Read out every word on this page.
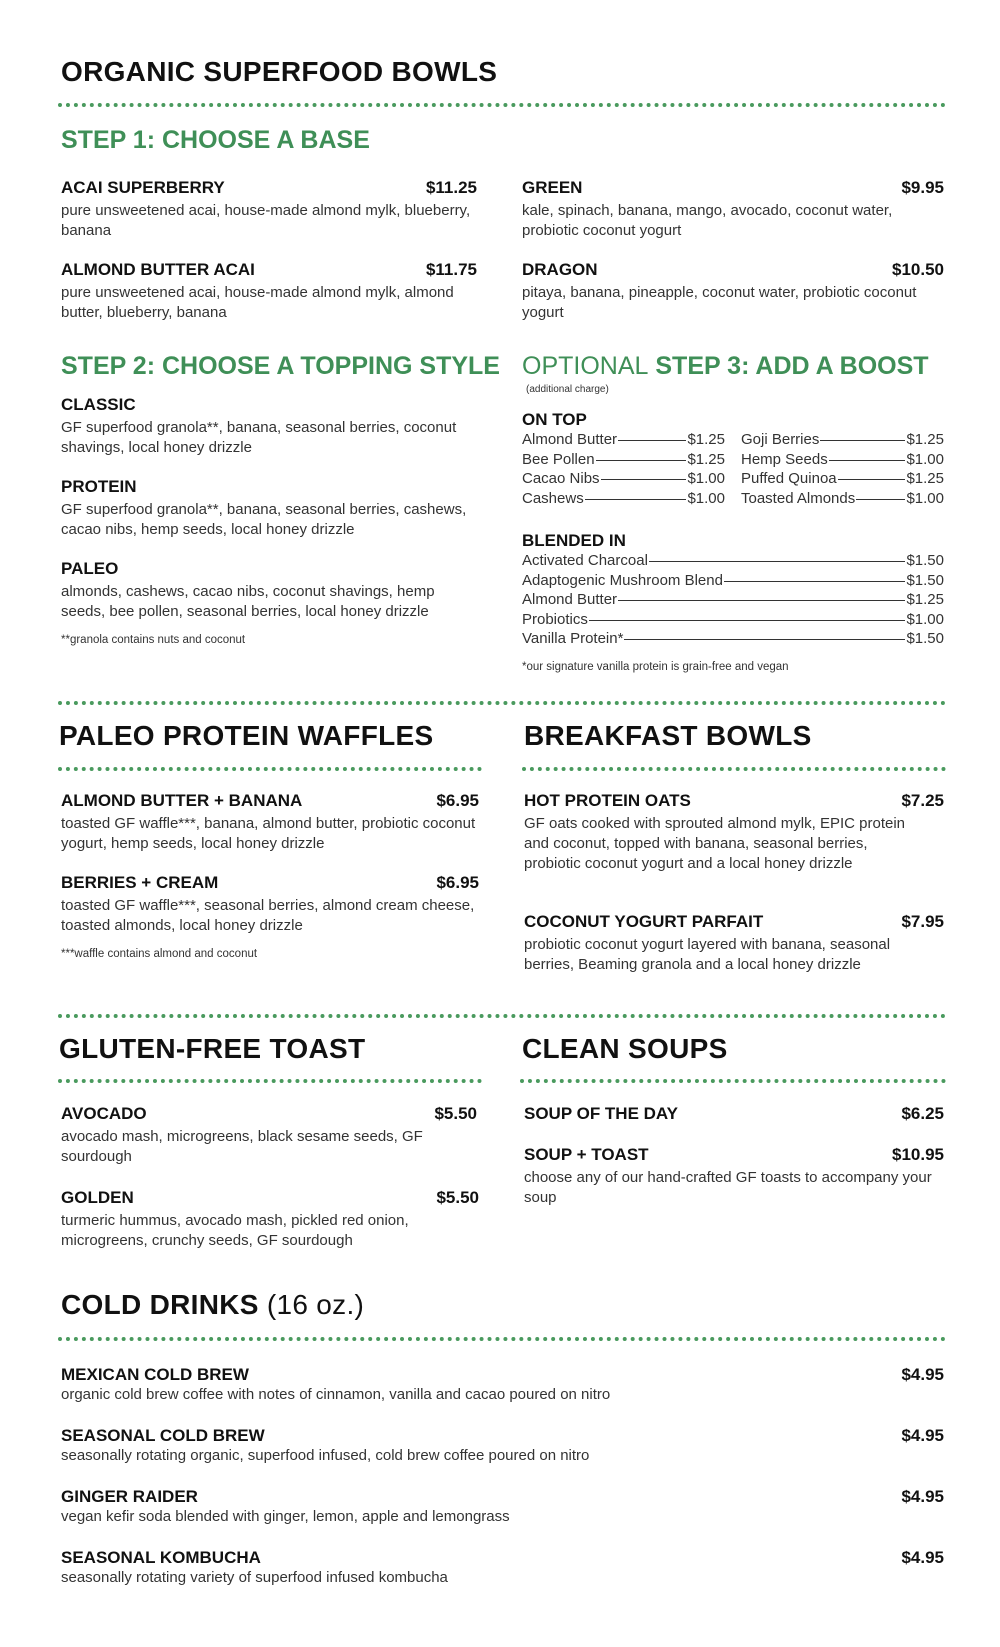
ORGANIC SUPERFOOD BOWLS
STEP 1: CHOOSE A BASE
ACAI SUPERBERRY	$11.25
pure unsweetened acai, house-made almond mylk, blueberry, banana
ALMOND BUTTER ACAI	$11.75
pure unsweetened acai, house-made almond mylk, almond butter, blueberry, banana
GREEN	$9.95
kale, spinach, banana, mango, avocado, coconut water, probiotic coconut yogurt
DRAGON	$10.50
pitaya, banana, pineapple, coconut water, probiotic coconut yogurt
STEP 2: CHOOSE A TOPPING STYLE
CLASSIC
GF superfood granola**, banana, seasonal berries, coconut shavings, local honey drizzle
PROTEIN
GF superfood granola**, banana, seasonal berries, cashews, cacao nibs, hemp seeds, local honey drizzle
PALEO
almonds, cashews, cacao nibs, coconut shavings, hemp seeds, bee pollen, seasonal berries, local honey drizzle
**granola contains nuts and coconut
OPTIONAL STEP 3: ADD A BOOST
(additional charge)
ON TOP
Almond Butter	$1.25
Bee Pollen	$1.25
Cacao Nibs	$1.00
Cashews	$1.00
Goji Berries	$1.25
Hemp Seeds	$1.00
Puffed Quinoa	$1.25
Toasted Almonds	$1.00
BLENDED IN
Activated Charcoal	$1.50
Adaptogenic Mushroom Blend	$1.50
Almond Butter	$1.25
Probiotics	$1.00
Vanilla Protein*	$1.50
*our signature vanilla protein is grain-free and vegan
PALEO PROTEIN WAFFLES
ALMOND BUTTER + BANANA	$6.95
toasted GF waffle***, banana, almond butter, probiotic coconut yogurt, hemp seeds, local honey drizzle
BERRIES + CREAM	$6.95
toasted GF waffle***, seasonal berries, almond cream cheese, toasted almonds, local honey drizzle
***waffle contains almond and coconut
BREAKFAST BOWLS
HOT PROTEIN OATS	$7.25
GF oats cooked with sprouted almond mylk, EPIC protein and coconut, topped with banana, seasonal berries, probiotic coconut yogurt and a local honey drizzle
COCONUT YOGURT PARFAIT	$7.95
probiotic coconut yogurt layered with banana, seasonal berries, Beaming granola and a local honey drizzle
GLUTEN-FREE TOAST
AVOCADO	$5.50
avocado mash, microgreens, black sesame seeds, GF sourdough
GOLDEN	$5.50
turmeric hummus, avocado mash, pickled red onion, microgreens, crunchy seeds, GF sourdough
CLEAN SOUPS
SOUP OF THE DAY	$6.25
SOUP + TOAST	$10.95
choose any of our hand-crafted GF toasts to accompany your soup
COLD DRINKS (16 oz.)
MEXICAN COLD BREW	$4.95
organic cold brew coffee with notes of cinnamon, vanilla and cacao poured on nitro
SEASONAL COLD BREW	$4.95
seasonally rotating organic, superfood infused, cold brew coffee poured on nitro
GINGER RAIDER	$4.95
vegan kefir soda blended with ginger, lemon, apple and lemongrass
SEASONAL KOMBUCHA	$4.95
seasonally rotating variety of superfood infused kombucha
